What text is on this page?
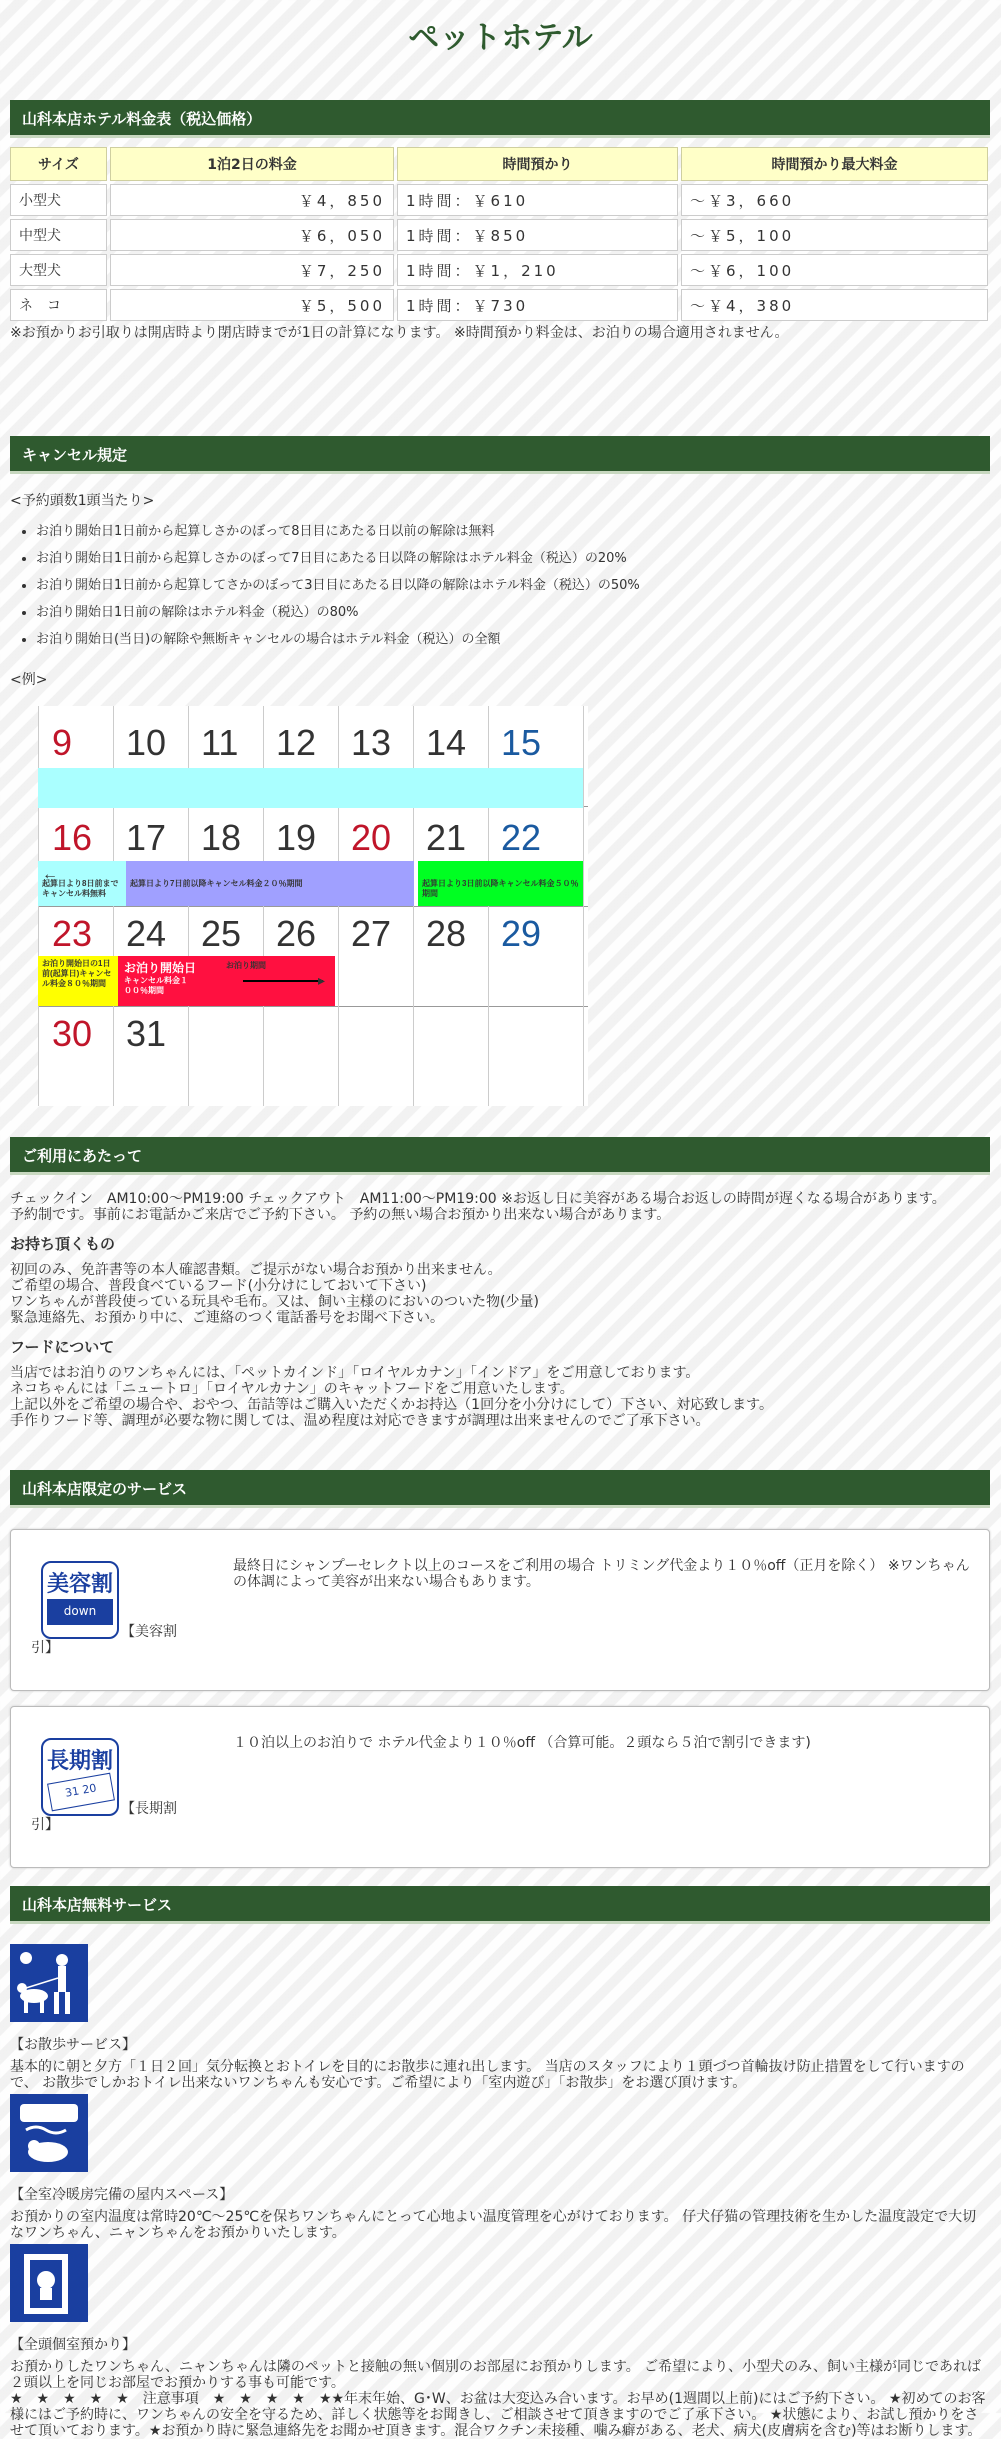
ペットホテル
山科本店ホテル料金表（税込価格）
サイズ	1泊2日の料金	時間預かり	時間預かり最大料金
小型犬	￥4，850	1時間：￥610	～￥3，660
中型犬	￥6，050	1時間：￥850	～￥5，100
大型犬	￥7，250	1時間：￥1，210	～￥6，100
ネ　コ	￥5，500	1時間：￥730	～￥4，380
※お預かりお引取りは開店時より閉店時までが1日の計算になります。 ※時間預かり料金は、お泊りの場合適用されません。
キャンセル規定
<予約頭数1頭当たり>
• お泊り開始日1日前から起算しさかのぼって8日目にあたる日以前の解除は無料
• お泊り開始日1日前から起算しさかのぼって7日目にあたる日以降の解除はホテル料金（税込）の20%
• お泊り開始日1日前から起算してさかのぼって3日目にあたる日以降の解除はホテル料金（税込）の50%
• お泊り開始日1日前の解除はホテル料金（税込）の80%
• お泊り開始日(当日)の解除や無断キャンセルの場合はホテル料金（税込）の全額
<例>
9 10 11 12 13 14 15
16 17 18 19 20 21 22
起算日より8日前までキャンセル料無料
起算日より7日前以降キャンセル料金２０％期間	起算日より3日前以降キャンセル料金５０％期間
←
23 24 25 26 27 28 29
お泊り開始日の1日前(起算日)キャンセル料金８０％期間
お泊り開始日
キャンセル料金１００％期間
お泊り期間
▸
30 31
ご利用にあたって

チェックイン　AM10:00～PM19:00 チェックアウト　AM11:00～PM19:00 ※お返し日に美容がある場合お返しの時間が遅くなる場合があります。

予約制です。事前にお電話かご来店でご予約下さい。 予約の無い場合お預かり出来ない場合があります。

お持ち頂くもの

初回のみ、免許書等の本人確認書類。ご提示がない場合お預かり出来ません。

ご希望の場合、普段食べているフード(小分けにしておいて下さい)

ワンちゃんが普段使っている玩具や毛布。又は、飼い主様のにおいのついた物(少量)

緊急連絡先、お預かり中に、ご連絡のつく電話番号をお聞べ下さい。

フードについて

当店ではお泊りのワンちゃんには、「ペットカインド」「ロイヤルカナン」「インドア」をご用意しております。

ネコちゃんには「ニュートロ」「ロイヤルカナン」のキャットフードをご用意いたします。

上記以外をご希望の場合や、おやつ、缶詰等はご購入いただくかお持込（1回分を小分けにして）下さい、対応致します。

手作りフード等、調理が必要な物に関しては、温め程度は対応できますが調理は出来ませんのでご了承下さい。

山科本店限定のサービス
美容割
down
【美容割引】
最終日にシャンプーセレクト以上のコースをご利用の場合 トリミング代金より１０％off（正月を除く） ※ワンちゃんの体調によって美容が出来ない場合もあります。
長期割
31 20
【長期割引】
１０泊以上のお泊りで ホテル代金より１０％off （合算可能。２頭なら５泊で割引できます)
山科本店無料サービス
【お散歩サービス】
基本的に朝と夕方「１日２回」気分転換とおトイレを目的にお散歩に連れ出します。 当店のスタッフにより１頭づつ首輪抜け防止措置をして行いますので、 お散歩でしかおトイレ出来ないワンちゃんも安心です。ご希望により「室内遊び」「お散歩」をお選び頂けます。
【全室冷暖房完備の屋内スペース】
お預かりの室内温度は常時20℃～25℃を保ちワンちゃんにとって心地よい温度管理を心がけております。 仔犬仔猫の管理技術を生かした温度設定で大切なワンちゃん、ニャンちゃんをお預かりいたします。
【全頭個室預かり】
お預かりしたワンちゃん、ニャンちゃんは隣のペットと接触の無い個別のお部屋にお預かりします。 ご希望により、小型犬のみ、飼い主様が同じであれば２頭以上を同じお部屋でお預かりする事も可能です。
★　★　★　★　★　注意事項　★　★　★　★　★★年末年始、G･W、お盆は大変込み合います。お早め(1週間以上前)にはご予約下さい。 ★初めてのお客様にはご予約時に、ワンちゃんの安全を守るため、詳しく状態等をお聞きし、ご相談させて頂きますのでご了承下さい。 ★状態により、お試し預かりをさせて頂いております。★お預かり時に緊急連絡先をお聞かせ頂きます。混合ワクチン未接種、噛み癖がある、老犬、病犬(皮膚病を含む)等はお断りします。
